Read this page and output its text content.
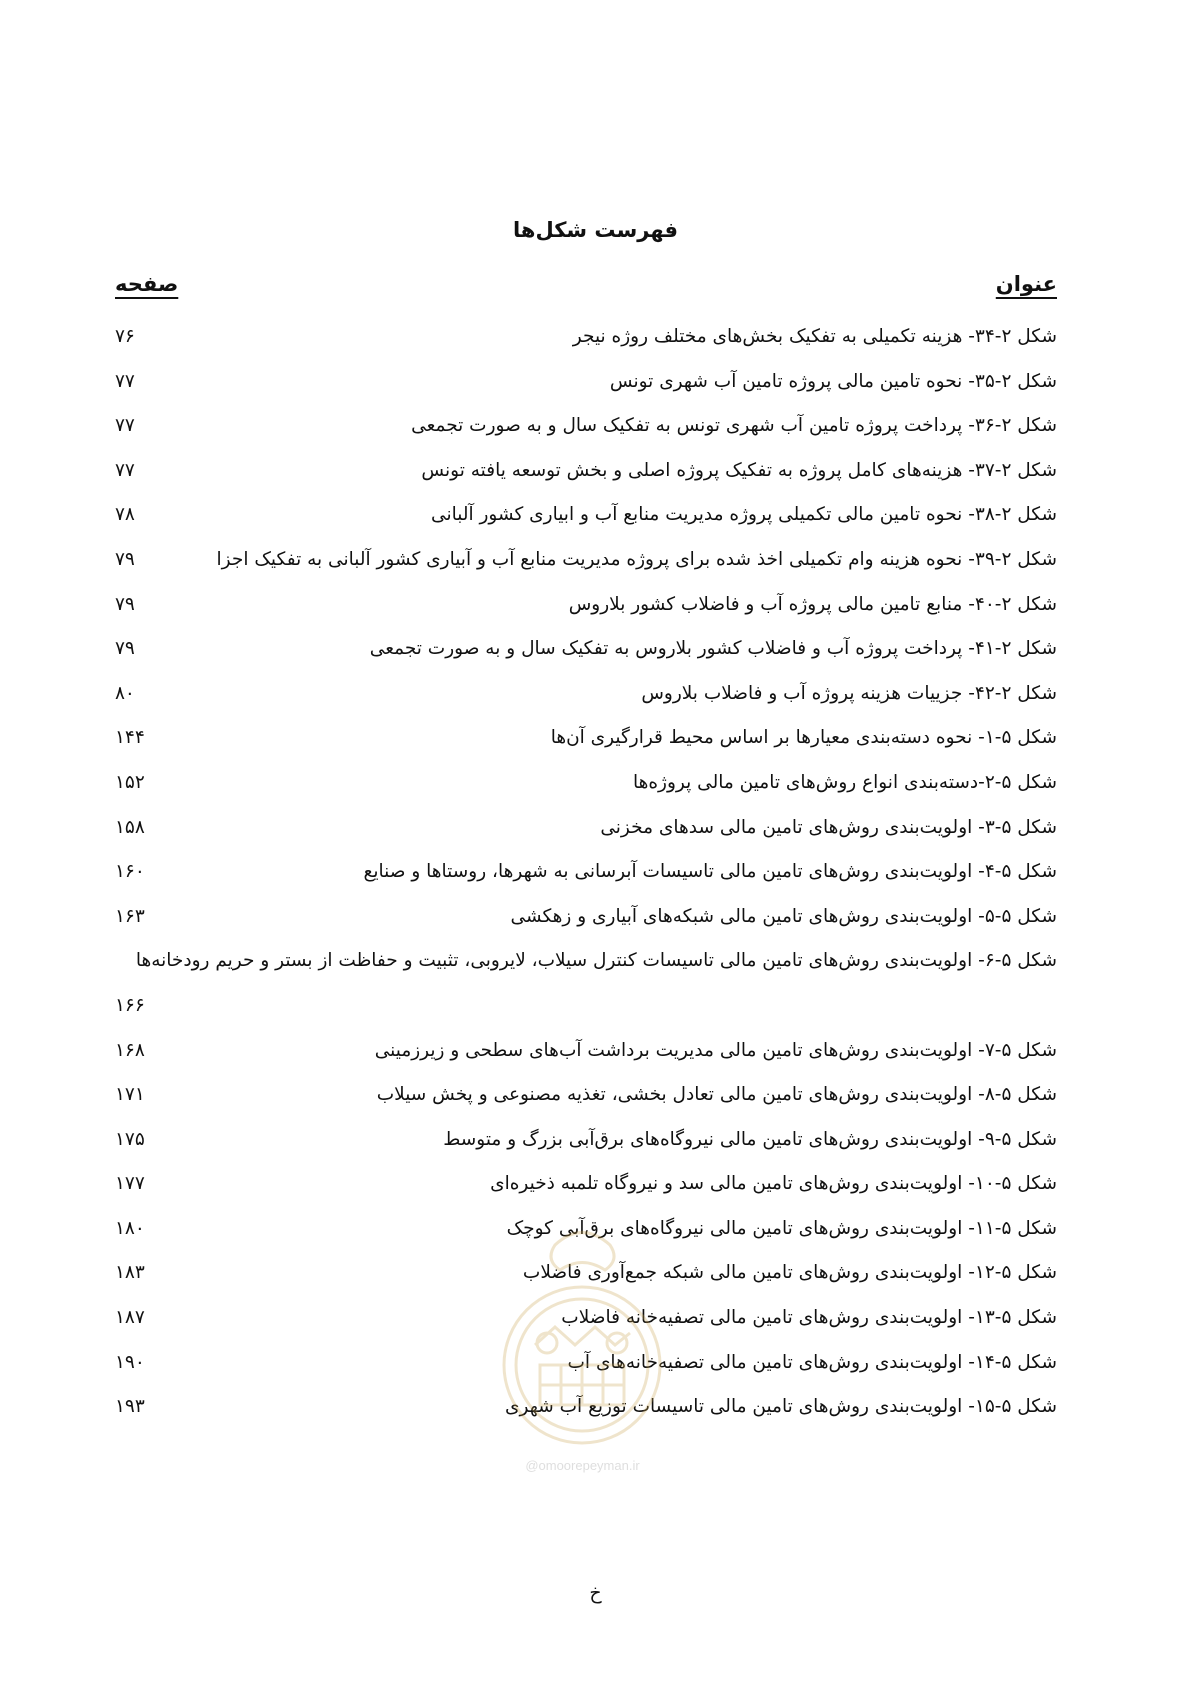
فهرست شکل‌ها
عنوان
صفحه
شکل ۲-۳۴- هزینه تکمیلی به تفکیک بخش‌های مختلف روژه نیجر
۷۶
شکل ۲-۳۵- نحوه تامین مالی پروژه تامین آب شهری تونس
۷۷
شکل ۲-۳۶- پرداخت پروژه تامین آب شهری تونس به تفکیک سال و به صورت تجمعی
۷۷
شکل ۲-۳۷- هزینه‌های کامل پروژه به تفکیک پروژه اصلی و بخش توسعه یافته تونس
۷۷
شکل ۲-۳۸- نحوه تامین مالی تکمیلی پروژه مدیریت منابع آب و ابیاری کشور آلبانی
۷۸
شکل ۲-۳۹- نحوه هزینه وام تکمیلی اخذ شده برای پروژه مدیریت منابع آب و آبیاری کشور آلبانی به تفکیک اجزا
۷۹
شکل ۲-۴۰- منابع تامین مالی پروژه آب و فاضلاب کشور بلاروس
۷۹
شکل ۲-۴۱- پرداخت پروژه آب و فاضلاب کشور بلاروس به تفکیک سال و به صورت تجمعی
۷۹
شکل ۲-۴۲- جزییات هزینه پروژه آب و فاضلاب بلاروس
۸۰
شکل ۵-۱- نحوه دسته‌بندی معیارها بر اساس محیط قرارگیری آن‌ها
۱۴۴
شکل ۵-۲-دسته‌بندی انواع روش‌های تامین مالی پروژه‌ها
۱۵۲
شکل ۵-۳- اولویت‌بندی روش‌های تامین مالی سدهای مخزنی
۱۵۸
شکل ۵-۴- اولویت‌بندی روش‌های تامین مالی تاسیسات آبرسانی به شهرها، روستاها و صنایع
۱۶۰
شکل ۵-۵- اولویت‌بندی روش‌های تامین مالی شبکه‌های آبیاری و زهکشی
۱۶۳
شکل ۵-۶- اولویت‌بندی روش‌های تامین مالی تاسیسات کنترل سیلاب، لایروبی، تثبیت و حفاظت از بستر و حریم رودخانه‌ها
۱۶۶
شکل ۵-۷- اولویت‌بندی روش‌های تامین مالی مدیریت برداشت آب‌های سطحی و زیرزمینی
۱۶۸
شکل ۵-۸- اولویت‌بندی روش‌های تامین مالی تعادل بخشی، تغذیه مصنوعی و پخش سیلاب
۱۷۱
شکل ۵-۹- اولویت‌بندی روش‌های تامین مالی نیروگاه‌های برق‌آبی بزرگ و متوسط
۱۷۵
شکل ۵-۱۰- اولویت‌بندی روش‌های تامین مالی سد و نیروگاه تلمبه ذخیره‌ای
۱۷۷
شکل ۵-۱۱- اولویت‌بندی روش‌های تامین مالی نیروگاه‌های برق‌آبی کوچک
۱۸۰
شکل ۵-۱۲- اولویت‌بندی روش‌های تامین مالی شبکه جمع‌آوری فاضلاب
۱۸۳
شکل ۵-۱۳- اولویت‌بندی روش‌های تامین مالی تصفیه‌خانه فاضلاب
۱۸۷
شکل ۵-۱۴- اولویت‌بندی روش‌های تامین مالی تصفیه‌خانه‌های آب
۱۹۰
شکل ۵-۱۵- اولویت‌بندی روش‌های تامین مالی تاسیسات توزیع آب شهری
۱۹۳
@omoorepeyman.ir
خ
